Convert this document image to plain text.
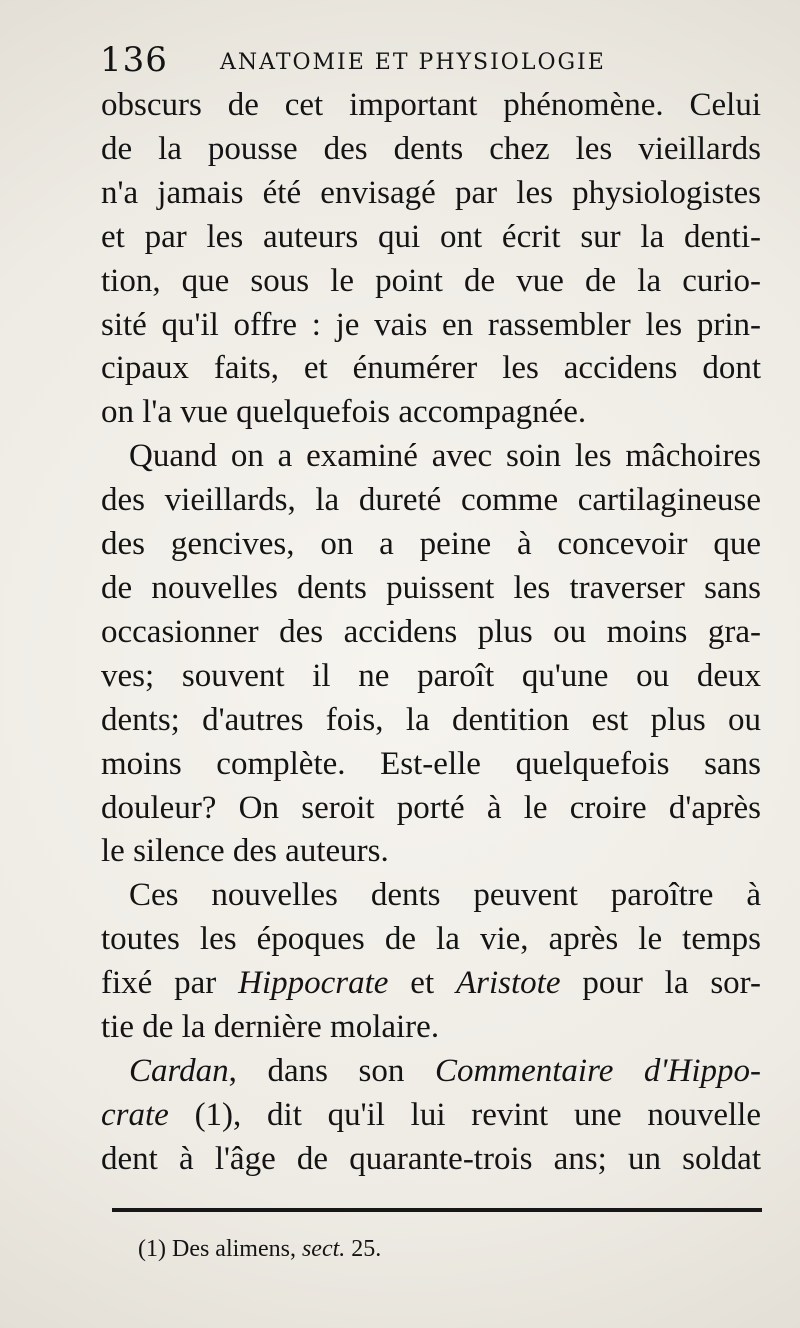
136 ANATOMIE ET PHYSIOLOGIE
obscurs de cet important phénomène. Celui
de la pousse des dents chez les vieillards
n'a jamais été envisagé par les physiologistes
et par les auteurs qui ont écrit sur la denti-
tion, que sous le point de vue de la curio-
sité qu'il offre : je vais en rassembler les prin-
cipaux faits, et énumérer les accidens dont
on l'a vue quelquefois accompagnée.
Quand on a examiné avec soin les mâchoires
des vieillards, la dureté comme cartilagineuse
des gencives, on a peine à concevoir que
de nouvelles dents puissent les traverser sans
occasionner des accidens plus ou moins gra-
ves; souvent il ne paroît qu'une ou deux
dents; d'autres fois, la dentition est plus ou
moins complète. Est-elle quelquefois sans
douleur? On seroit porté à le croire d'après
le silence des auteurs.
Ces nouvelles dents peuvent paroître à
toutes les époques de la vie, après le temps
fixé par Hippocrate et Aristote pour la sor-
tie de la dernière molaire.
Cardan, dans son Commentaire d'Hippo-
crate (1), dit qu'il lui revint une nouvelle
dent à l'âge de quarante-trois ans; un soldat
(1) Des alimens, sect. 25.
